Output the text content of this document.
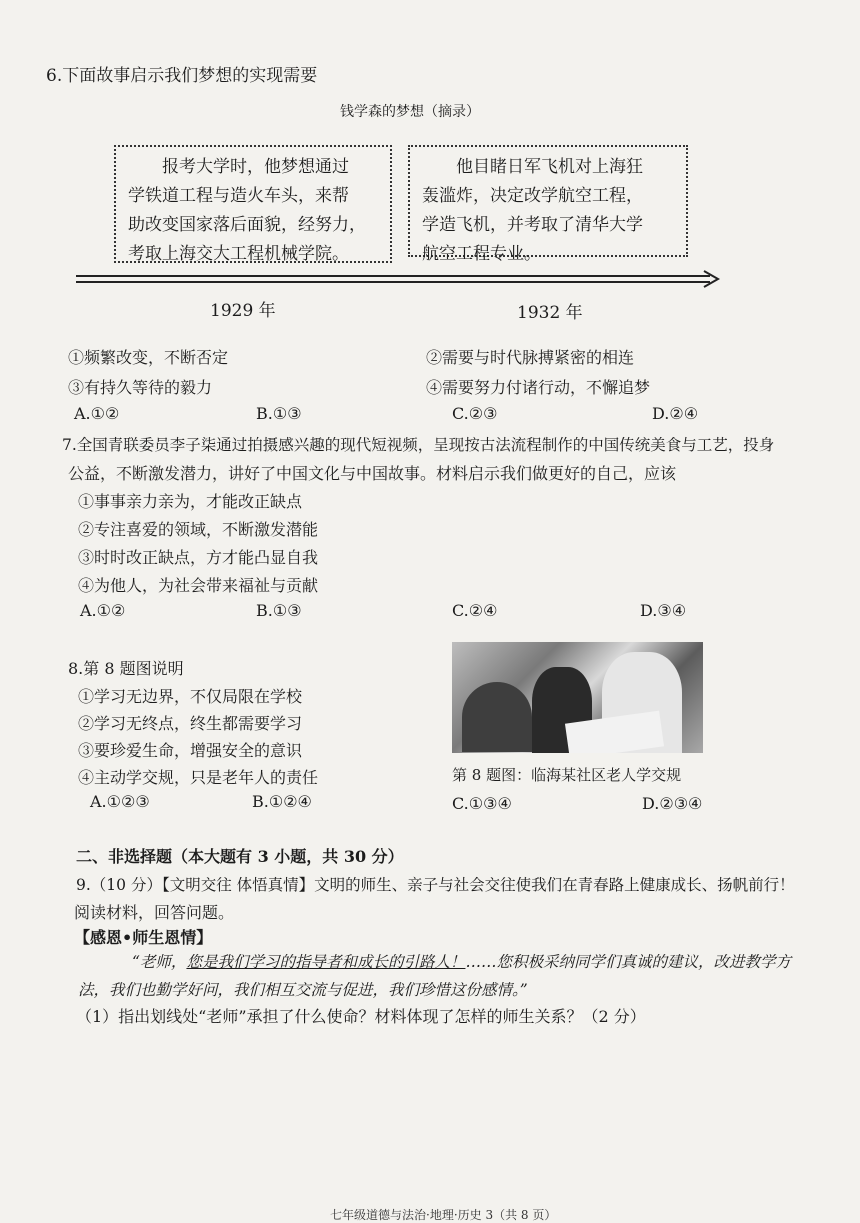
6.下面故事启示我们梦想的实现需要
钱学森的梦想（摘录）
报考大学时，他梦想通过
学铁道工程与造火车头，来帮
助改变国家落后面貌，经努力，
考取上海交大工程机械学院。
他目睹日军飞机对上海狂
轰滥炸，决定改学航空工程，
学造飞机，并考取了清华大学
航空工程专业。
1929 年	1932 年
①频繁改变，不断否定	②需要与时代脉搏紧密的相连
③有持久等待的毅力	④需要努力付诸行动，不懈追梦
A.①②	B.①③	C.②③	D.②④
7.全国青联委员李子柒通过拍摄感兴趣的现代短视频，呈现按古法流程制作的中国传统美食与工艺，投身
公益，不断激发潜力，讲好了中国文化与中国故事。材料启示我们做更好的自己，应该
①事事亲力亲为，才能改正缺点
②专注喜爱的领域，不断激发潜能
③时时改正缺点，方才能凸显自我
④为他人，为社会带来福祉与贡献
A.①②	B.①③	C.②④	D.③④
8.第 8 题图说明
①学习无边界，不仅局限在学校
②学习无终点，终生都需要学习
③要珍爱生命，增强安全的意识
④主动学交规，只是老年人的责任	第 8 题图：临海某社区老人学交规
A.①②③	B.①②④	C.①③④	D.②③④
二、非选择题（本大题有 3 小题，共 30 分）
9.（10 分）【文明交往 体悟真情】文明的师生、亲子与社会交往使我们在青春路上健康成长、扬帆前行！
阅读材料，回答问题。
【感恩•师生恩情】
“老师，您是我们学习的指导者和成长的引路人！……您积极采纳同学们真诚的建议，改进教学方
法，我们也勤学好问，我们相互交流与促进，我们珍惜这份感情。”
（1）指出划线处“老师”承担了什么使命？材料体现了怎样的师生关系？（2 分）
七年级道德与法治·地理·历史 3（共 8 页）
